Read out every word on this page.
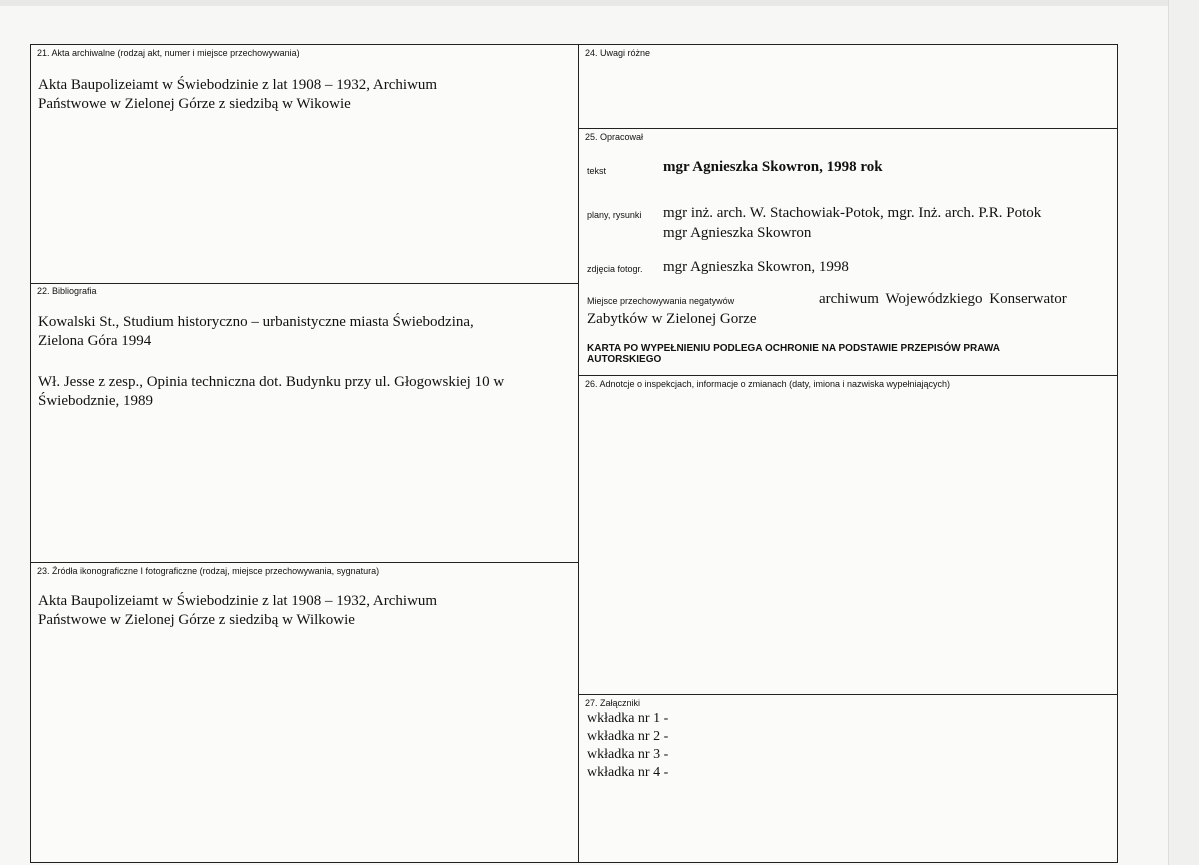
21. Akta archiwalne (rodzaj akt, numer i miejsce przechowywania)
Akta Baupolizeiamt w Świebodzinie z lat 1908 – 1932, Archiwum
Państwowe w Zielonej Górze z siedzibą w Wikowie
22. Bibliografia
Kowalski St., Studium historyczno – urbanistyczne miasta Świebodzina,
Zielona Góra 1994
Wł. Jesse z zesp., Opinia techniczna dot. Budynku przy ul. Głogowskiej 10 w
Świebodznie, 1989
23. Źródła ikonograficzne I fotograficzne (rodzaj, miejsce przechowywania, sygnatura)
Akta Baupolizeiamt w Świebodzinie z lat 1908 – 1932, Archiwum
Państwowe w Zielonej Górze z siedzibą w Wilkowie
24. Uwagi różne
25. Opracował
tekst	mgr Agnieszka Skowron, 1998 rok
plany, rysunki mgr inż. arch. W. Stachowiak-Potok, mgr. Inż. arch. P.R. Potok
mgr Agnieszka Skowron
zdjęcia fotogr. mgr Agnieszka Skowron, 1998
Miejsce przechowywania negatywów	archiwum Wojewódzkiego Konserwator
Zabytków w Zielonej Gorze
KARTA PO WYPEŁNIENIU PODLEGA OCHRONIE NA PODSTAWIE PRZEPISÓW PRAWA
AUTORSKIEGO
26. Adnotcje o inspekcjach, informacje o zmianach (daty, imiona i nazwiska wypełniających)
27. Załączniki
wkładka nr 1 -
wkładka nr 2 -
wkładka nr 3 -
wkładka nr 4 -
